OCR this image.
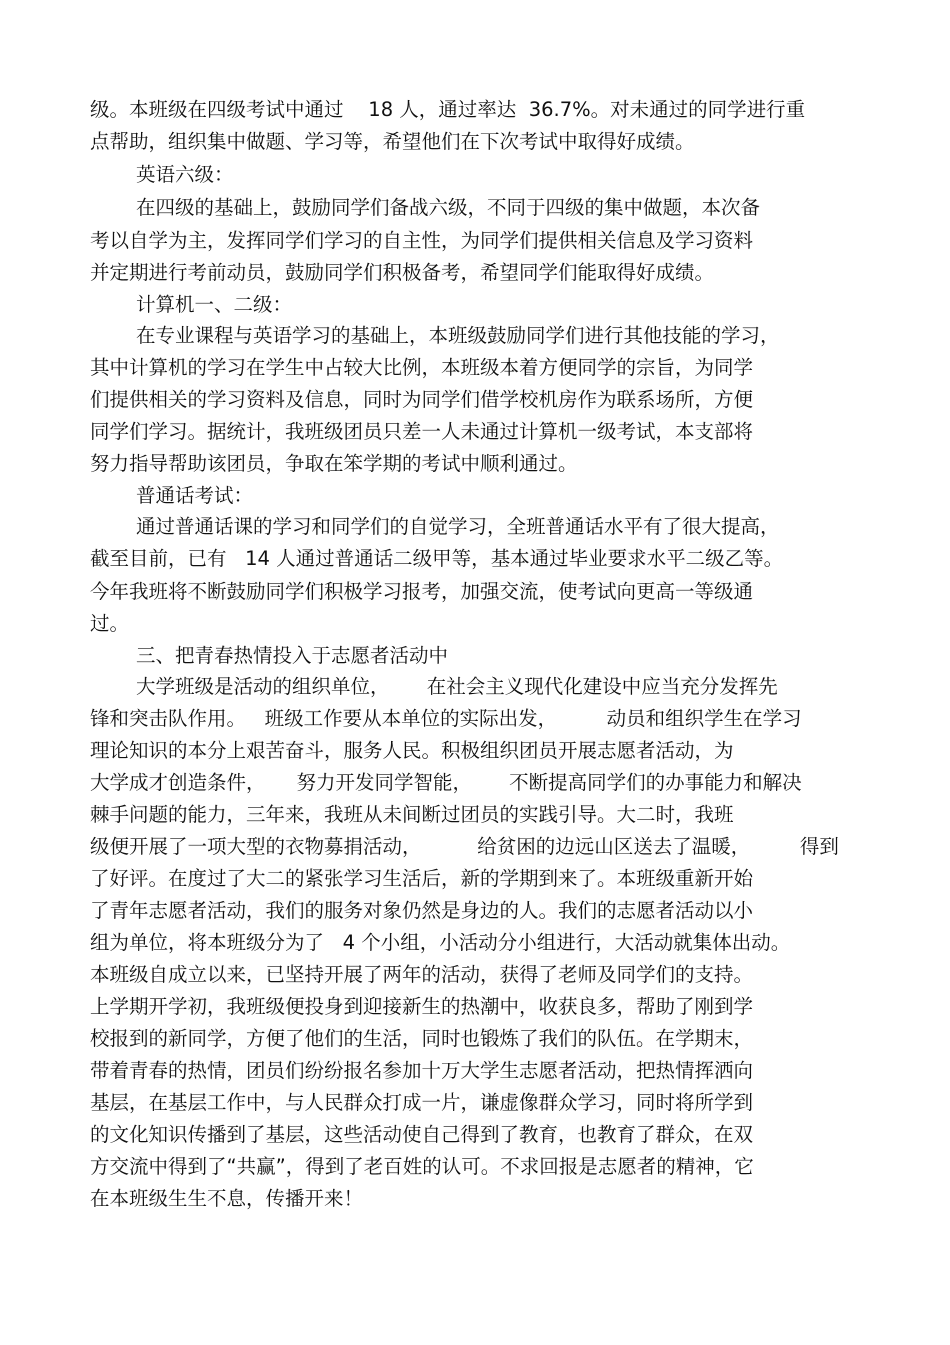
级。本班级在四级考试中通过    18 人，通过率达  36.7%。对未通过的同学进行重

点帮助，组织集中做题、学习等，希望他们在下次考试中取得好成绩。

英语六级：

在四级的基础上，鼓励同学们备战六级，不同于四级的集中做题，本次备

考以自学为主，发挥同学们学习的自主性，为同学们提供相关信息及学习资料

并定期进行考前动员，鼓励同学们积极备考，希望同学们能取得好成绩。

计算机一、二级：

在专业课程与英语学习的基础上，本班级鼓励同学们进行其他技能的学习，

其中计算机的学习在学生中占较大比例，本班级本着方便同学的宗旨，为同学

们提供相关的学习资料及信息，同时为同学们借学校机房作为联系场所，方便

同学们学习。据统计，我班级团员只差一人未通过计算机一级考试，本支部将

努力指导帮助该团员，争取在笨学期的考试中顺利通过。

普通话考试：

通过普通话课的学习和同学们的自觉学习，全班普通话水平有了很大提高，

截至目前，已有   14 人通过普通话二级甲等，基本通过毕业要求水平二级乙等。

今年我班将不断鼓励同学们积极学习报考，加强交流，使考试向更高一等级通

过。

三、把青春热情投入于志愿者活动中

大学班级是活动的组织单位，      在社会主义现代化建设中应当充分发挥先

锋和突击队作用。   班级工作要从本单位的实际出发，        动员和组织学生在学习

理论知识的本分上艰苦奋斗，服务人民。积极组织团员开展志愿者活动，为

大学成才创造条件，     努力开发同学智能，      不断提高同学们的办事能力和解决

棘手问题的能力，三年来，我班从未间断过团员的实践引导。大二时，我班

级便开展了一项大型的衣物募捐活动，         给贫困的边远山区送去了温暖，        得到

了好评。在度过了大二的紧张学习生活后，新的学期到来了。本班级重新开始

了青年志愿者活动，我们的服务对象仍然是身边的人。我们的志愿者活动以小

组为单位，将本班级分为了   4 个小组，小活动分小组进行，大活动就集体出动。

本班级自成立以来，已坚持开展了两年的活动，获得了老师及同学们的支持。

上学期开学初，我班级便投身到迎接新生的热潮中，收获良多，帮助了刚到学

校报到的新同学，方便了他们的生活，同时也锻炼了我们的队伍。在学期末，

带着青春的热情，团员们纷纷报名参加十万大学生志愿者活动，把热情挥洒向

基层，在基层工作中，与人民群众打成一片，谦虚像群众学习，同时将所学到

的文化知识传播到了基层，这些活动使自己得到了教育，也教育了群众，在双

方交流中得到了“共赢”，得到了老百姓的认可。不求回报是志愿者的精神，它

在本班级生生不息，传播开来！
